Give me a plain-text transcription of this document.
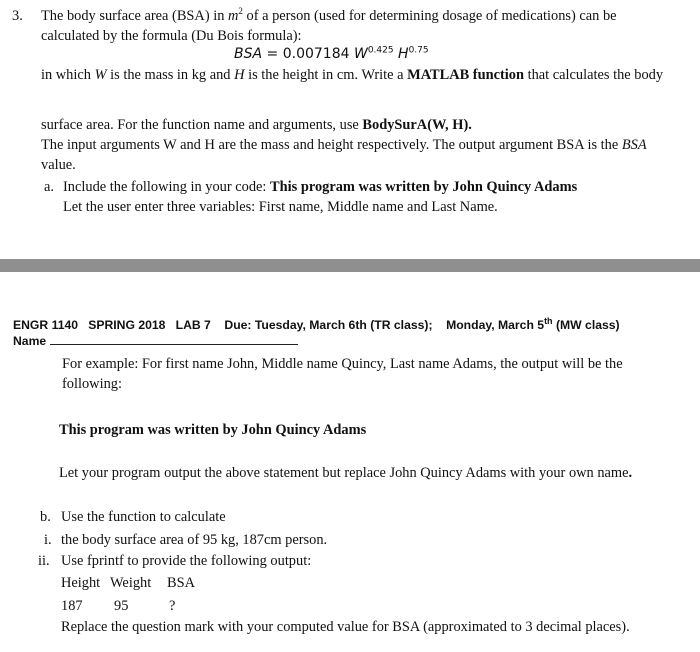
3. The body surface area (BSA) in $m^2$ of a person (used for determining dosage of medications) can be
calculated by the formula (Du Bois formula):
BSA = 0.007184 $W^{0.425}$ $H^{0.75}$
in which W is the mass in kg and H is the height in cm. Write a MATLAB function that calculates the body
surface area. For the function name and arguments, use BodySurA(W, H).
The input arguments W and H are the mass and height respectively. The output argument BSA is the BSA
value.
a. Include the following in your code: This program was written by John Quincy Adams
Let the user enter three variables: First name, Middle name and Last Name.
ENGR 1140 SPRING 2018 LAB 7 Due: Tuesday, March 6th (TR class); Monday, March 5th (MW class)
Name
For example: For first name John, Middle name Quincy, Last name Adams, the output will be the
following:
This program was written by John Quincy Adams
Let your program output the above statement but replace John Quincy Adams with your own name.
b. Use the function to calculate
i. the body surface area of 95 kg, 187cm person.
ii. Use fprintf to provide the following output:
Height Weight BSA
187 95	?
Replace the question mark with your computed value for BSA (approximated to 3 decimal places).
